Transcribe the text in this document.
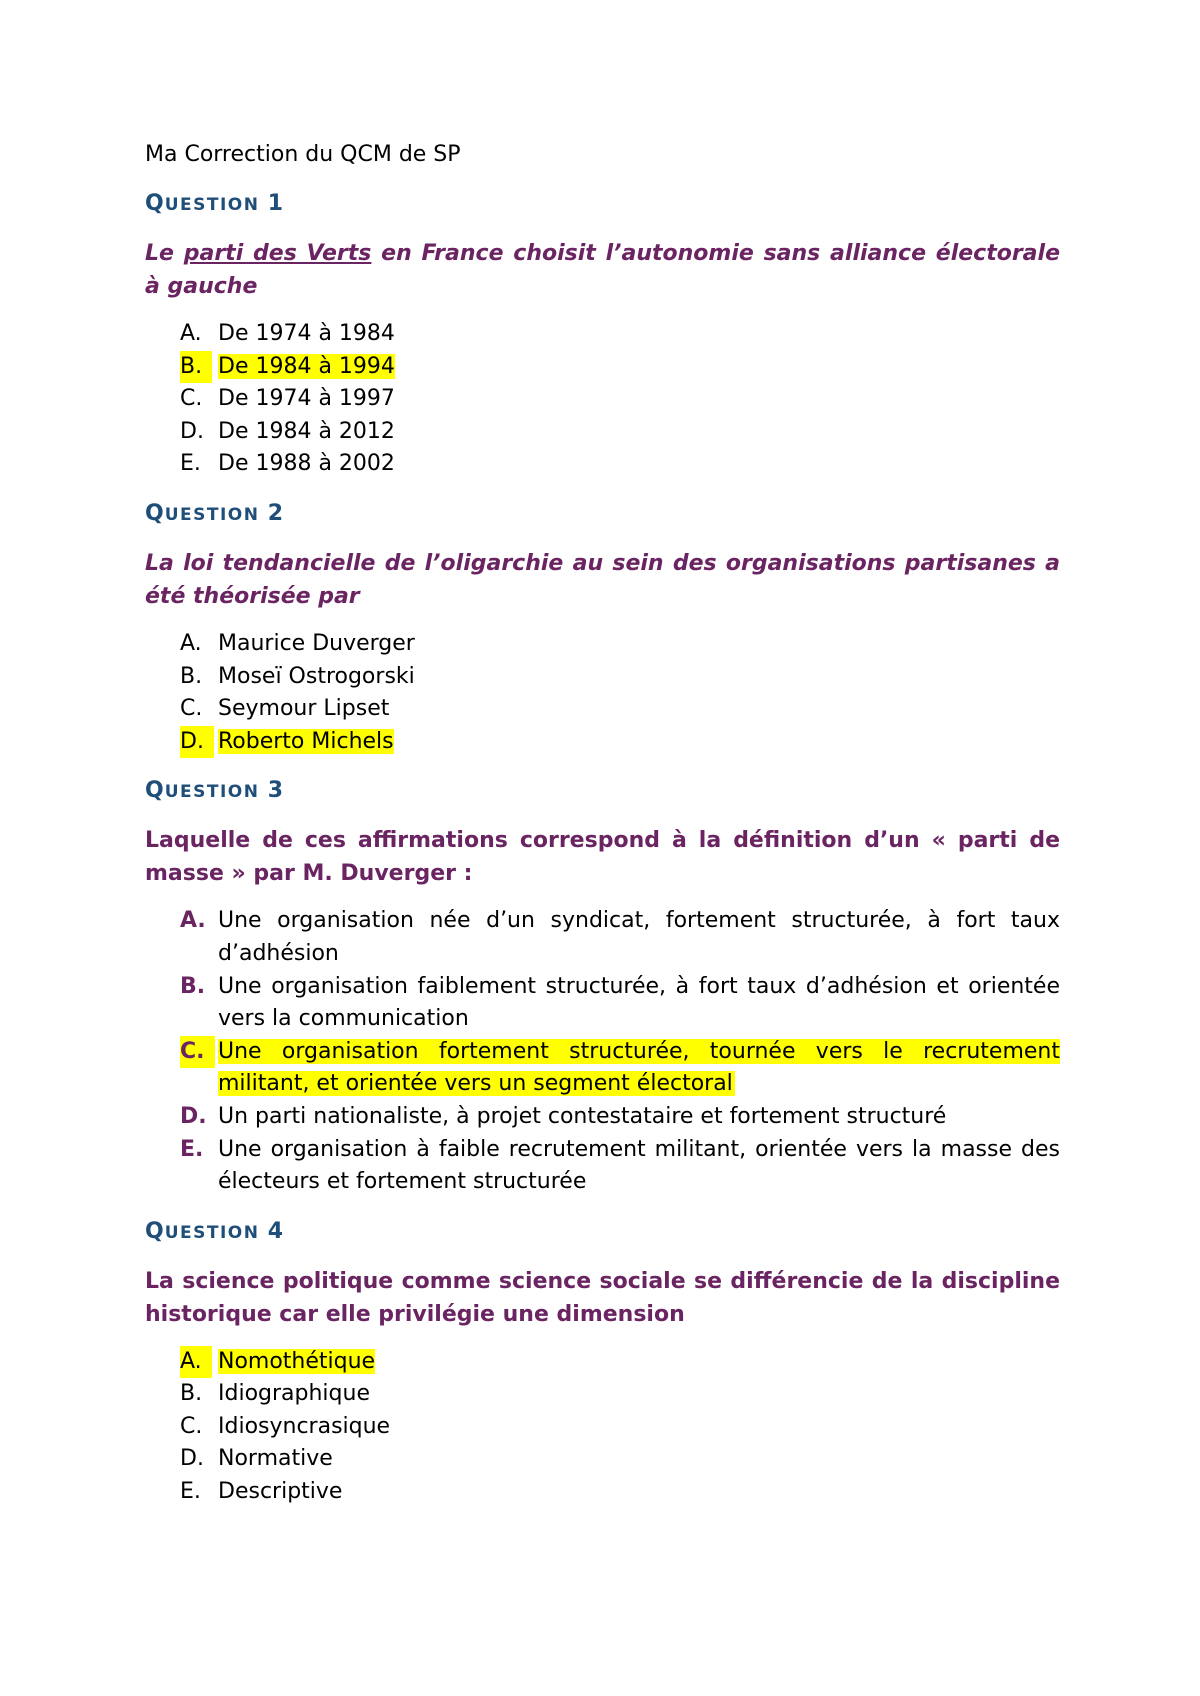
Ma Correction du QCM de SP
QUESTION 1

Le parti des Verts en France choisit l’autonomie sans alliance électorale à gauche

A. De 1974 à 1984
B. De 1984 à 1994
C. De 1974 à 1997
D. De 1984 à 2012
E. De 1988 à 2002
QUESTION 2

La loi tendancielle de l’oligarchie au sein des organisations partisanes a été théorisée par

A. Maurice Duverger
B. Moseï Ostrogorski
C. Seymour Lipset
D. Roberto Michels
QUESTION 3

Laquelle de ces affirmations correspond à la définition d’un « parti de masse » par M. Duverger :

A. Une organisation née d’un syndicat, fortement structurée, à fort taux d’adhésion
B. Une organisation faiblement structurée, à fort taux d’adhésion et orientée vers la communication
C. Une organisation fortement structurée, tournée vers le recrutement militant, et orientée vers un segment électoral
D. Un parti nationaliste, à projet contestataire et fortement structuré
E. Une organisation à faible recrutement militant, orientée vers la masse des électeurs et fortement structurée
QUESTION 4

La science politique comme science sociale se différencie de la discipline historique car elle privilégie une dimension

A. Nomothétique
B. Idiographique
C. Idiosyncrasique
D. Normative
E. Descriptive
